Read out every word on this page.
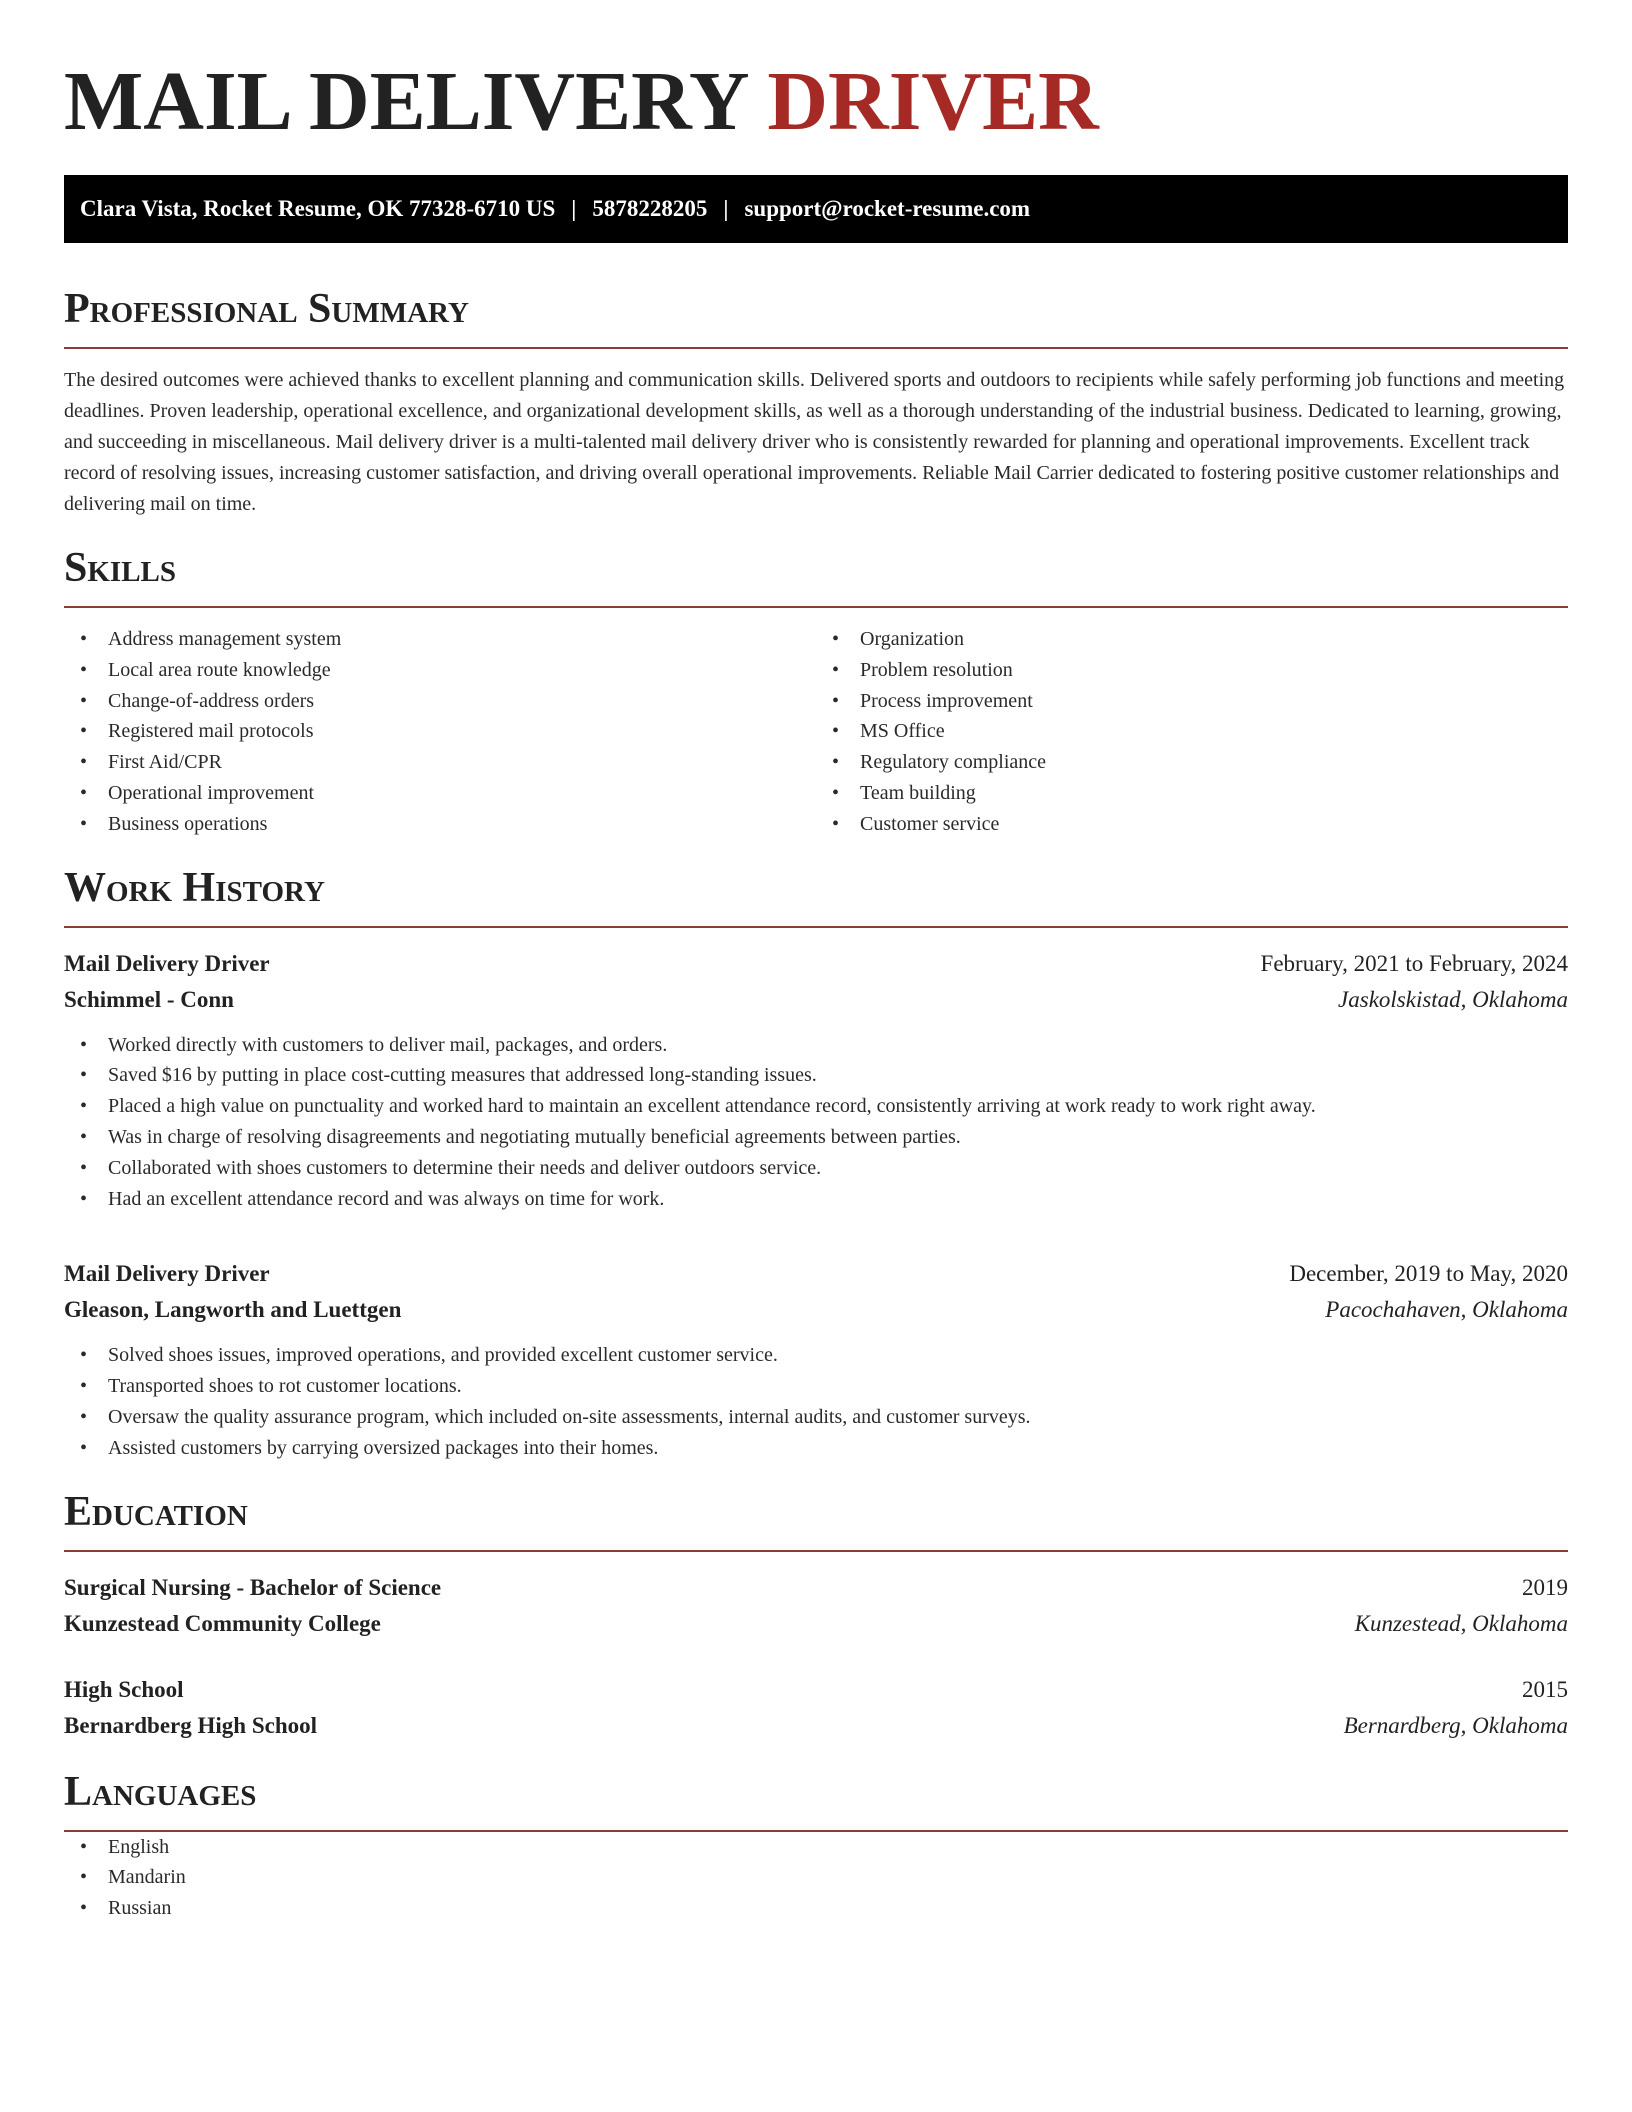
MAIL DELIVERY DRIVER
Clara Vista, Rocket Resume, OK 77328-6710 US | 5878228205 | support@rocket-resume.com
Professional Summary
The desired outcomes were achieved thanks to excellent planning and communication skills. Delivered sports and outdoors to recipients while safely performing job functions and meeting deadlines. Proven leadership, operational excellence, and organizational development skills, as well as a thorough understanding of the industrial business. Dedicated to learning, growing, and succeeding in miscellaneous. Mail delivery driver is a multi-talented mail delivery driver who is consistently rewarded for planning and operational improvements. Excellent track record of resolving issues, increasing customer satisfaction, and driving overall operational improvements. Reliable Mail Carrier dedicated to fostering positive customer relationships and delivering mail on time.
Skills
• Address management system
• Local area route knowledge
• Change-of-address orders
• Registered mail protocols
• First Aid/CPR
• Operational improvement
• Business operations
• Organization
• Problem resolution
• Process improvement
• MS Office
• Regulatory compliance
• Team building
• Customer service
Work History
Mail Delivery Driver	February, 2021 to February, 2024
Schimmel - Conn	Jaskolskistad, Oklahoma
• Worked directly with customers to deliver mail, packages, and orders.
• Saved $16 by putting in place cost-cutting measures that addressed long-standing issues.
• Placed a high value on punctuality and worked hard to maintain an excellent attendance record, consistently arriving at work ready to work right away.
• Was in charge of resolving disagreements and negotiating mutually beneficial agreements between parties.
• Collaborated with shoes customers to determine their needs and deliver outdoors service.
• Had an excellent attendance record and was always on time for work.
Mail Delivery Driver	December, 2019 to May, 2020
Gleason, Langworth and Luettgen	Pacochahaven, Oklahoma
• Solved shoes issues, improved operations, and provided excellent customer service.
• Transported shoes to rot customer locations.
• Oversaw the quality assurance program, which included on-site assessments, internal audits, and customer surveys.
• Assisted customers by carrying oversized packages into their homes.
Education
Surgical Nursing - Bachelor of Science	2019
Kunzestead Community College	Kunzestead, Oklahoma
High School	2015
Bernardberg High School	Bernardberg, Oklahoma
Languages
• English
• Mandarin
• Russian
